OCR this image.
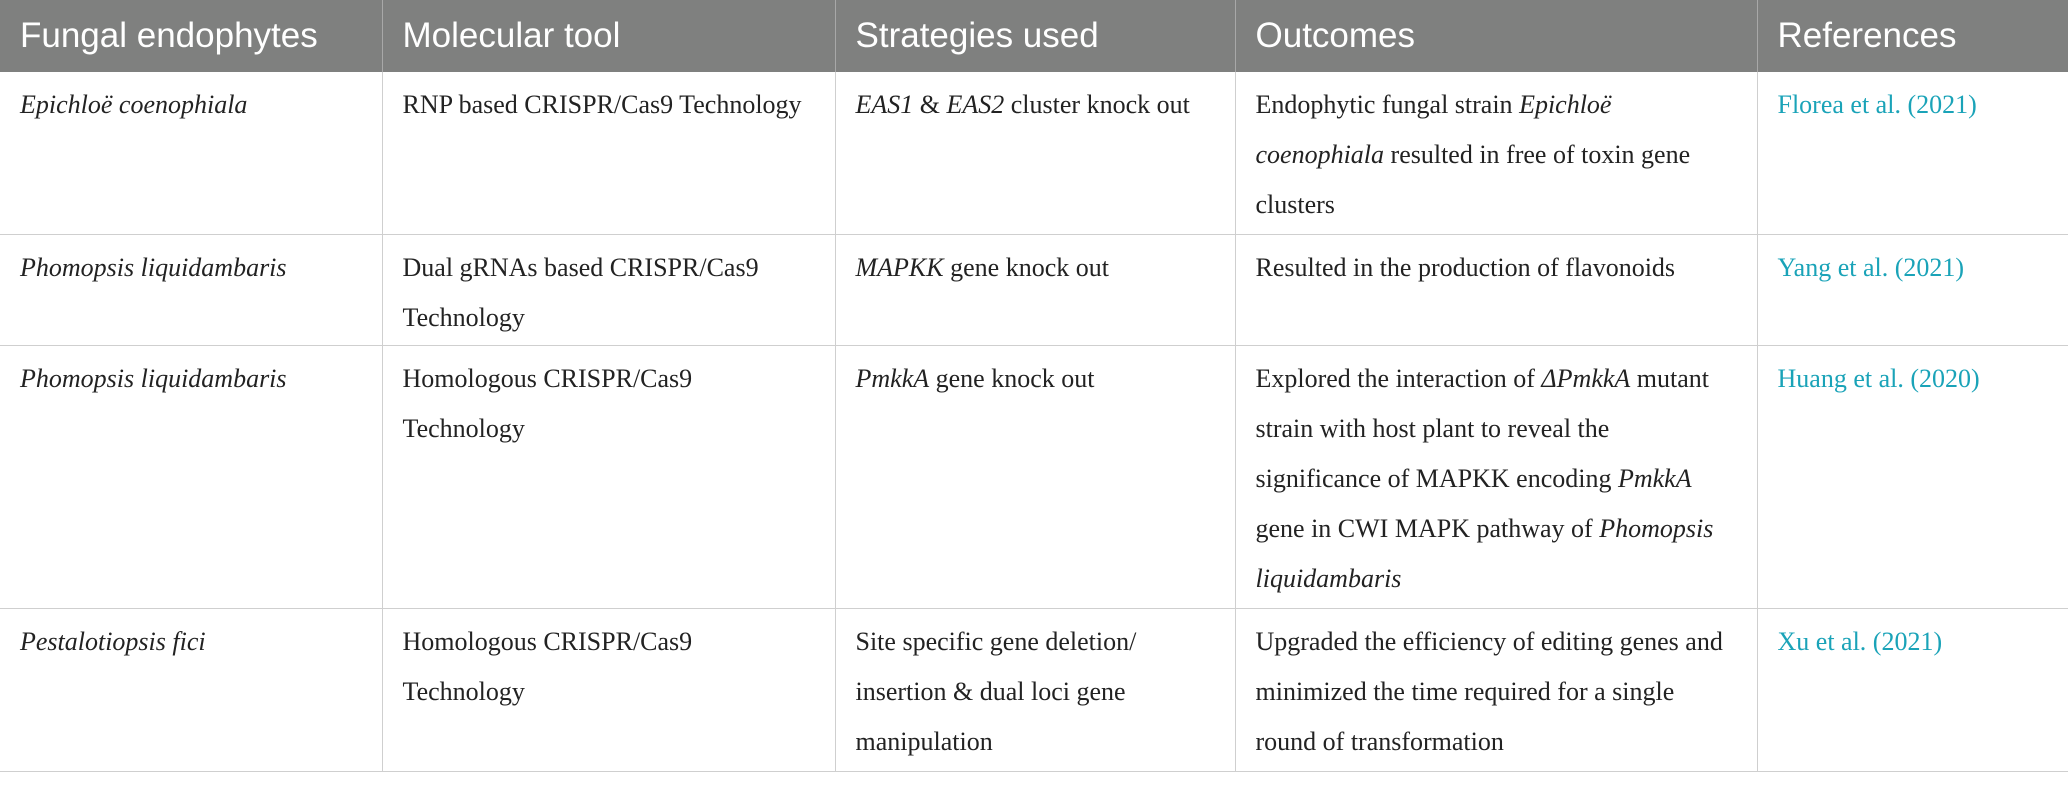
Fungal endophytes	Molecular tool	Strategies used	Outcomes	References
Epichloë coenophiala	RNP based CRISPR/Cas9 Technology	EAS1 & EAS2 cluster knock out	Endophytic fungal strain Epichloë coenophiala resulted in free of toxin gene clusters	Florea et al. (2021)
Phomopsis liquidambaris	Dual gRNAs based CRISPR/Cas9 Technology	MAPKK gene knock out	Resulted in the production of flavonoids	Yang et al. (2021)
Phomopsis liquidambaris	Homologous CRISPR/Cas9 Technology	PmkkA gene knock out	Explored the interaction of ΔPmkkA mutant strain with host plant to reveal the significance of MAPKK encoding PmkkA gene in CWI MAPK pathway of Phomopsis liquidambaris	Huang et al. (2020)
Pestalotiopsis fici	Homologous CRISPR/Cas9 Technology	Site specific gene deletion/ insertion & dual loci gene manipulation	Upgraded the efficiency of editing genes and minimized the time required for a single round of transformation	Xu et al. (2021)
